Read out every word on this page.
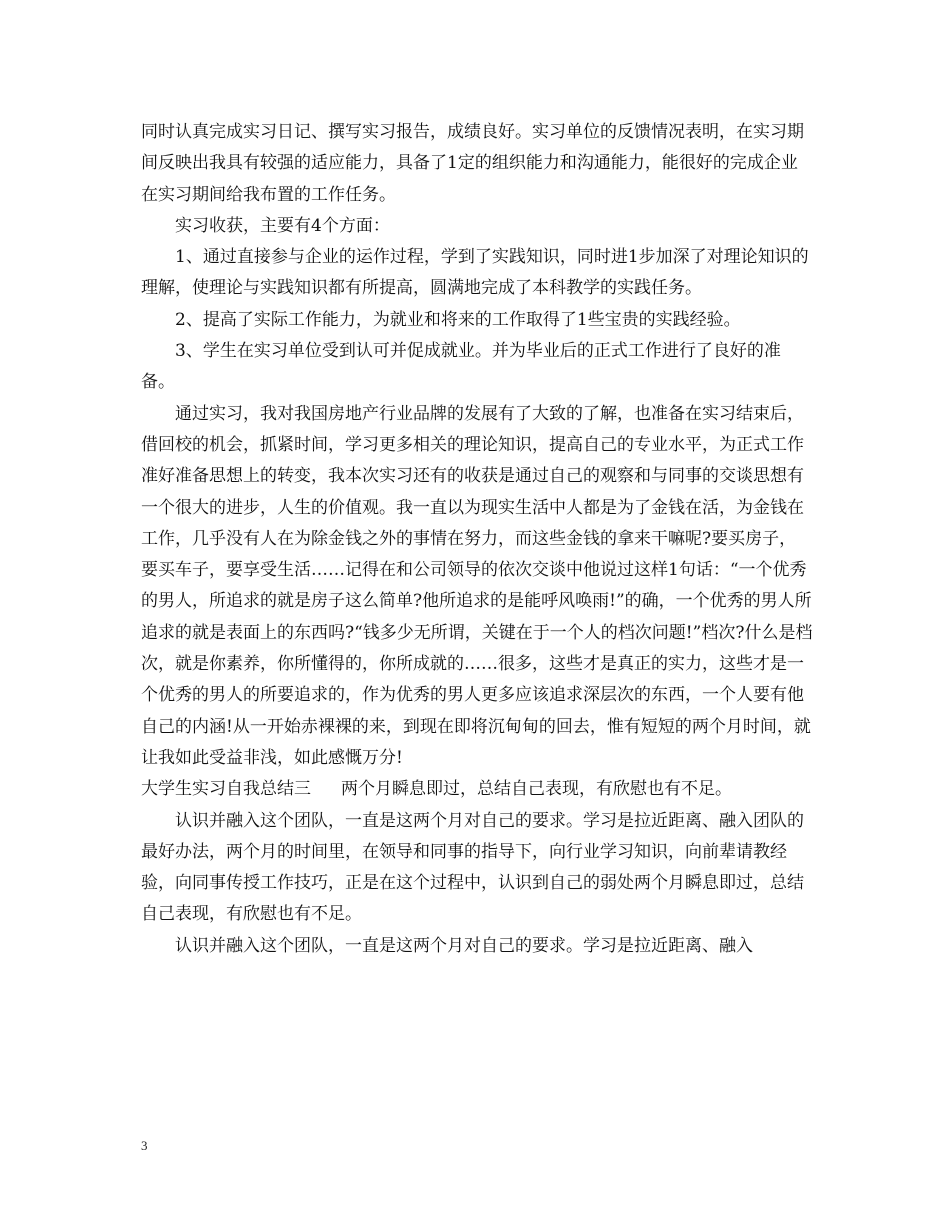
同时认真完成实习日记、撰写实习报告，成绩良好。实习单位的反馈情况表明，在实习期间反映出我具有较强的适应能力，具备了1定的组织能力和沟通能力，能很好的完成企业在实习期间给我布置的工作任务。

实习收获，主要有4个方面：

1、通过直接参与企业的运作过程，学到了实践知识，同时进1步加深了对理论知识的理解，使理论与实践知识都有所提高，圆满地完成了本科教学的实践任务。

2、提高了实际工作能力，为就业和将来的工作取得了1些宝贵的实践经验。

3、学生在实习单位受到认可并促成就业。并为毕业后的正式工作进行了良好的准备。

通过实习，我对我国房地产行业品牌的发展有了大致的了解，也准备在实习结束后，借回校的机会，抓紧时间，学习更多相关的理论知识，提高自己的专业水平，为正式工作准好准备思想上的转变，我本次实习还有的收获是通过自己的观察和与同事的交谈思想有一个很大的进步，人生的价值观。我一直以为现实生活中人都是为了金钱在活，为金钱在工作，几乎没有人在为除金钱之外的事情在努力，而这些金钱的拿来干嘛呢?要买房子，要买车子，要享受生活……记得在和公司领导的依次交谈中他说过这样1句话：“一个优秀的男人，所追求的就是房子这么简单?他所追求的是能呼风唤雨!”的确，一个优秀的男人所追求的就是表面上的东西吗?“钱多少无所谓，关键在于一个人的档次问题!”档次?什么是档次，就是你素养，你所懂得的，你所成就的……很多，这些才是真正的实力，这些才是一个优秀的男人的所要追求的，作为优秀的男人更多应该追求深层次的东西，一个人要有他自己的内涵!从一开始赤裸裸的来，到现在即将沉甸甸的回去，惟有短短的两个月时间，就让我如此受益非浅，如此感慨万分!

大学生实习自我总结三 两个月瞬息即过，总结自己表现，有欣慰也有不足。

认识并融入这个团队，一直是这两个月对自己的要求。学习是拉近距离、融入团队的最好办法，两个月的时间里，在领导和同事的指导下，向行业学习知识，向前辈请教经验，向同事传授工作技巧，正是在这个过程中，认识到自己的弱处两个月瞬息即过，总结自己表现，有欣慰也有不足。

认识并融入这个团队，一直是这两个月对自己的要求。学习是拉近距离、融入

3
